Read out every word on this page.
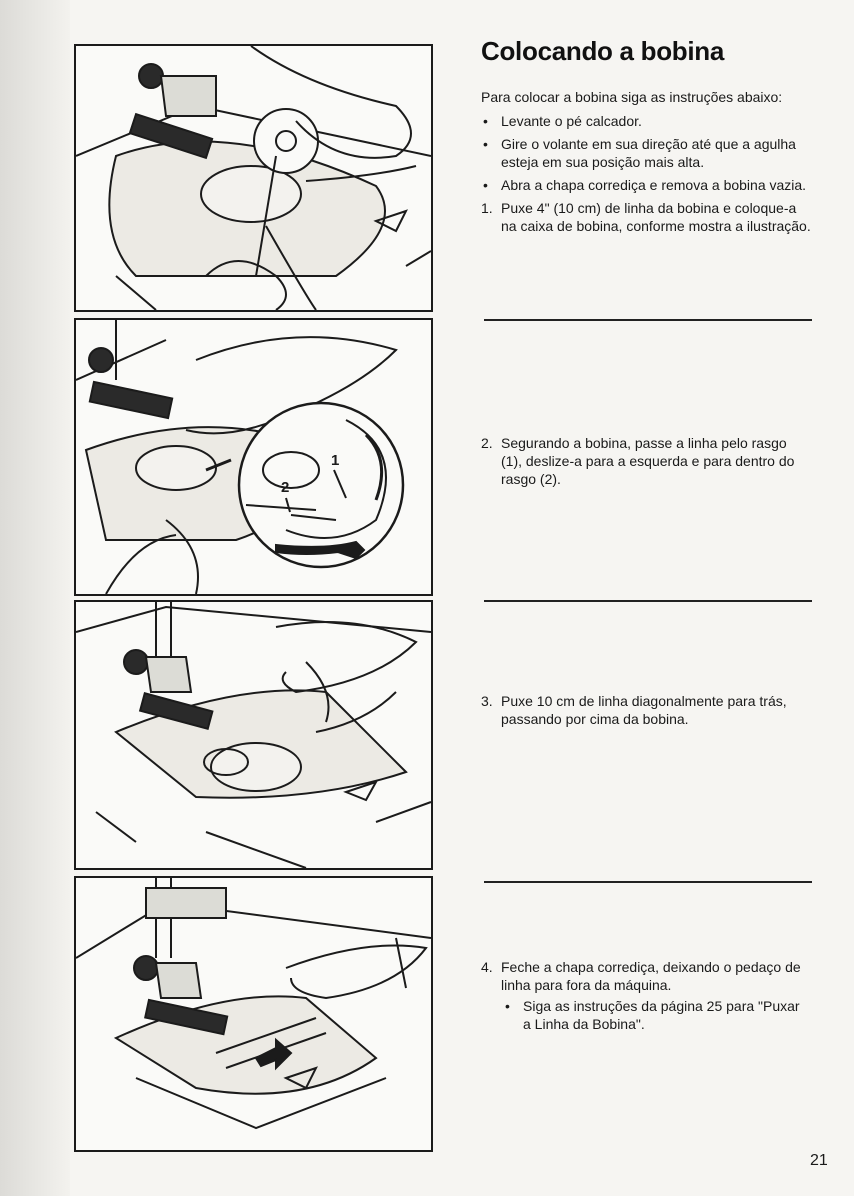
1
2
Colocando a bobina

Para colocar a bobina siga as instruções abaixo:

• Levante o pé calcador.

• Gire o volante em sua direção até que a agulha esteja em sua posição mais alta.

• Abra a chapa corrediça e remova a bobina vazia.

1. Puxe 4" (10 cm) de linha da bobina e coloque-a na caixa de bobina, conforme mostra a ilustração.

2. Segurando a bobina, passe a linha pelo rasgo (1), deslize-a para a esquerda e para dentro do rasgo (2).

3. Puxe 10 cm de linha diagonalmente para trás, passando por cima da bobina.

4. Feche a chapa corrediça, deixando o pedaço de linha para fora da máquina.

• Siga as instruções da página 25 para "Puxar a Linha da Bobina".

21
